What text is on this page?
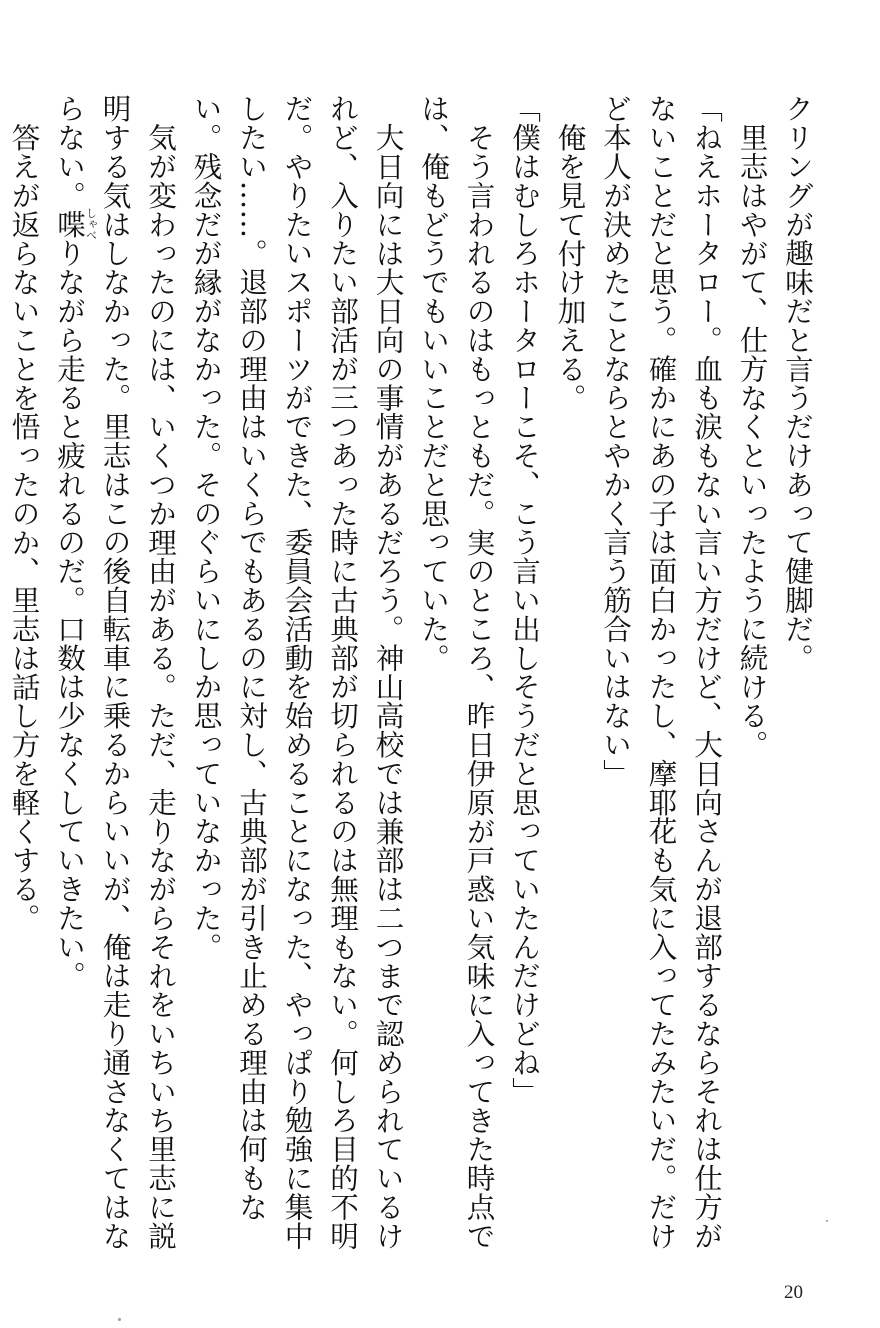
クリングが趣味だと言うだけあって健脚だ。

里志はやがて、仕方なくといったように続ける。

「ねえホータロー。血も涙もない言い方だけど、大日向さんが退部するならそれは仕方がないことだと思う。確かにあの子は面白かったし、摩耶花も気に入ってたみたいだ。だけど本人が決めたことならとやかく言う筋合いはない」

俺を見て付け加える。

「僕はむしろホータローこそ、こう言い出しそうだと思っていたんだけどね」

そう言われるのはもっともだ。実のところ、昨日伊原が戸惑い気味に入ってきた時点では、俺もどうでもいいことだと思っていた。

大日向には大日向の事情があるだろう。神山高校では兼部は二つまで認められているけれど、入りたい部活が三つあった時に古典部が切られるのは無理もない。何しろ目的不明だ。やりたいスポーツができた、委員会活動を始めることになった、やっぱり勉強に集中したい……。退部の理由はいくらでもあるのに対し、古典部が引き止める理由は何もない。残念だが縁がなかった。そのぐらいにしか思っていなかった。

気が変わったのには、いくつか理由がある。ただ、走りながらそれをいちいち里志に説明する気はしなかった。里志はこの後自転車に乗るからいいが、俺は走り通さなくてはならない。喋しゃべりながら走ると疲れるのだ。口数は少なくしていきたい。

答えが返らないことを悟ったのか、里志は話し方を軽くする。

20
